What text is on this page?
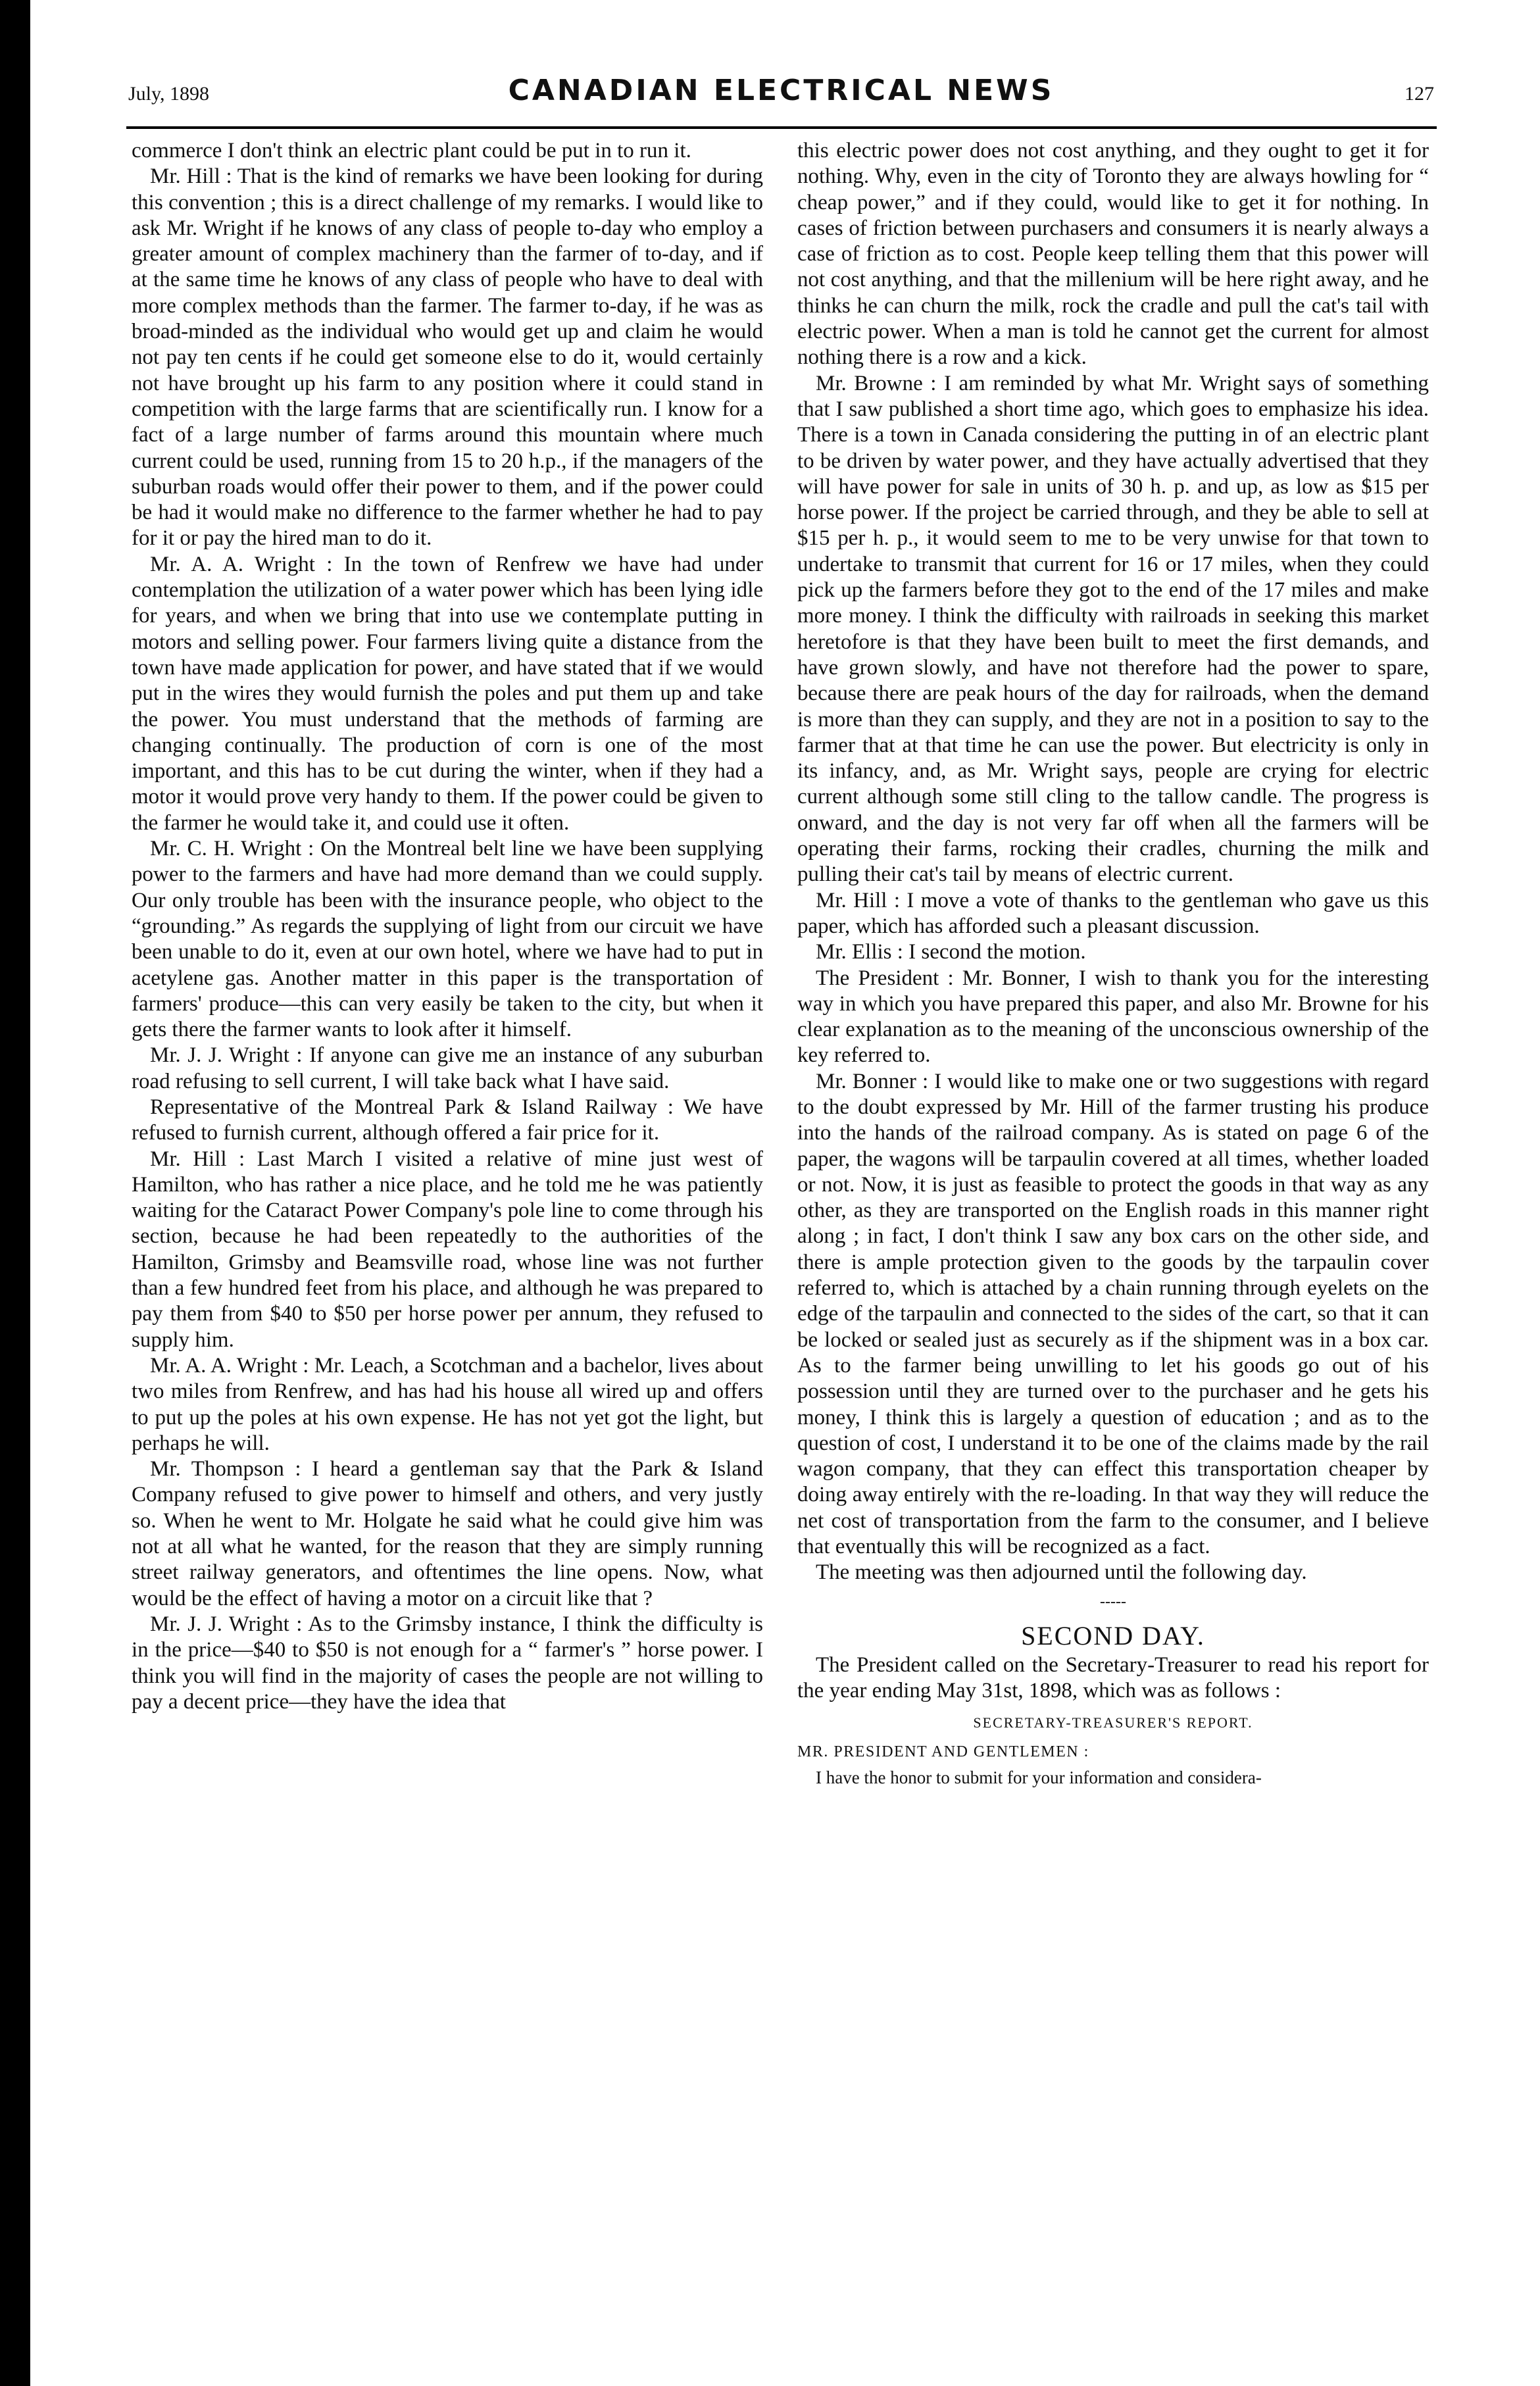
July, 1898	CANADIAN ELECTRICAL NEWS	127

commerce I don't think an electric plant could be put in to run it.

Mr. Hill : That is the kind of remarks we have been looking for during this convention ; this is a direct challenge of my remarks. I would like to ask Mr. Wright if he knows of any class of people to-day who employ a greater amount of complex machinery than the farmer of to-day, and if at the same time he knows of any class of people who have to deal with more complex methods than the farmer. The farmer to-day, if he was as broad-minded as the individual who would get up and claim he would not pay ten cents if he could get someone else to do it, would certainly not have brought up his farm to any position where it could stand in competition with the large farms that are scientifically run. I know for a fact of a large number of farms around this mountain where much current could be used, running from 15 to 20 h.p., if the managers of the suburban roads would offer their power to them, and if the power could be had it would make no difference to the farmer whether he had to pay for it or pay the hired man to do it.

Mr. A. A. Wright : In the town of Renfrew we have had under contemplation the utilization of a water power which has been lying idle for years, and when we bring that into use we contemplate putting in motors and selling power. Four farmers living quite a distance from the town have made application for power, and have stated that if we would put in the wires they would furnish the poles and put them up and take the power. You must understand that the methods of farming are changing continually. The production of corn is one of the most important, and this has to be cut during the winter, when if they had a motor it would prove very handy to them. If the power could be given to the farmer he would take it, and could use it often.

Mr. C. H. Wright : On the Montreal belt line we have been supplying power to the farmers and have had more demand than we could supply. Our only trouble has been with the insurance people, who object to the “grounding.” As regards the supplying of light from our circuit we have been unable to do it, even at our own hotel, where we have had to put in acetylene gas. Another matter in this paper is the transportation of farmers' produce—this can very easily be taken to the city, but when it gets there the farmer wants to look after it himself.

Mr. J. J. Wright : If anyone can give me an instance of any suburban road refusing to sell current, I will take back what I have said.

Representative of the Montreal Park & Island Railway : We have refused to furnish current, although offered a fair price for it.

Mr. Hill : Last March I visited a relative of mine just west of Hamilton, who has rather a nice place, and he told me he was patiently waiting for the Cataract Power Company's pole line to come through his section, because he had been repeatedly to the authorities of the Hamilton, Grimsby and Beamsville road, whose line was not further than a few hundred feet from his place, and although he was prepared to pay them from $40 to $50 per horse power per annum, they refused to supply him.

Mr. A. A. Wright : Mr. Leach, a Scotchman and a bachelor, lives about two miles from Renfrew, and has had his house all wired up and offers to put up the poles at his own expense. He has not yet got the light, but perhaps he will.

Mr. Thompson : I heard a gentleman say that the Park & Island Company refused to give power to himself and others, and very justly so. When he went to Mr. Holgate he said what he could give him was not at all what he wanted, for the reason that they are simply running street railway generators, and oftentimes the line opens. Now, what would be the effect of having a motor on a circuit like that ?

Mr. J. J. Wright : As to the Grimsby instance, I think the difficulty is in the price—$40 to $50 is not enough for a “ farmer's ” horse power. I think you will find in the majority of cases the people are not willing to pay a decent price—they have the idea that

this electric power does not cost anything, and they ought to get it for nothing. Why, even in the city of Toronto they are always howling for “ cheap power,” and if they could, would like to get it for nothing. In cases of friction between purchasers and consumers it is nearly always a case of friction as to cost. People keep telling them that this power will not cost anything, and that the millenium will be here right away, and he thinks he can churn the milk, rock the cradle and pull the cat's tail with electric power. When a man is told he cannot get the current for almost nothing there is a row and a kick.

Mr. Browne : I am reminded by what Mr. Wright says of something that I saw published a short time ago, which goes to emphasize his idea. There is a town in Canada considering the putting in of an electric plant to be driven by water power, and they have actually advertised that they will have power for sale in units of 30 h. p. and up, as low as $15 per horse power. If the project be carried through, and they be able to sell at $15 per h. p., it would seem to me to be very unwise for that town to undertake to transmit that current for 16 or 17 miles, when they could pick up the farmers before they got to the end of the 17 miles and make more money. I think the difficulty with railroads in seeking this market heretofore is that they have been built to meet the first demands, and have grown slowly, and have not therefore had the power to spare, because there are peak hours of the day for railroads, when the demand is more than they can supply, and they are not in a position to say to the farmer that at that time he can use the power. But electricity is only in its infancy, and, as Mr. Wright says, people are crying for electric current although some still cling to the tallow candle. The progress is onward, and the day is not very far off when all the farmers will be operating their farms, rocking their cradles, churning the milk and pulling their cat's tail by means of electric current.

Mr. Hill : I move a vote of thanks to the gentleman who gave us this paper, which has afforded such a pleasant discussion.

Mr. Ellis : I second the motion.

The President : Mr. Bonner, I wish to thank you for the interesting way in which you have prepared this paper, and also Mr. Browne for his clear explanation as to the meaning of the unconscious ownership of the key referred to.

Mr. Bonner : I would like to make one or two suggestions with regard to the doubt expressed by Mr. Hill of the farmer trusting his produce into the hands of the railroad company. As is stated on page 6 of the paper, the wagons will be tarpaulin covered at all times, whether loaded or not. Now, it is just as feasible to protect the goods in that way as any other, as they are transported on the English roads in this manner right along ; in fact, I don't think I saw any box cars on the other side, and there is ample protection given to the goods by the tarpaulin cover referred to, which is attached by a chain running through eyelets on the edge of the tarpaulin and connected to the sides of the cart, so that it can be locked or sealed just as securely as if the shipment was in a box car. As to the farmer being unwilling to let his goods go out of his possession until they are turned over to the purchaser and he gets his money, I think this is largely a question of education ; and as to the question of cost, I understand it to be one of the claims made by the rail wagon company, that they can effect this transportation cheaper by doing away entirely with the re-loading. In that way they will reduce the net cost of transportation from the farm to the consumer, and I believe that eventually this will be recognized as a fact.

The meeting was then adjourned until the following day.

-----
SECOND DAY.

The President called on the Secretary-Treasurer to read his report for the year ending May 31st, 1898, which was as follows :

SECRETARY-TREASURER'S REPORT.
MR. PRESIDENT AND GENTLEMEN :

I have the honor to submit for your information and considera-
